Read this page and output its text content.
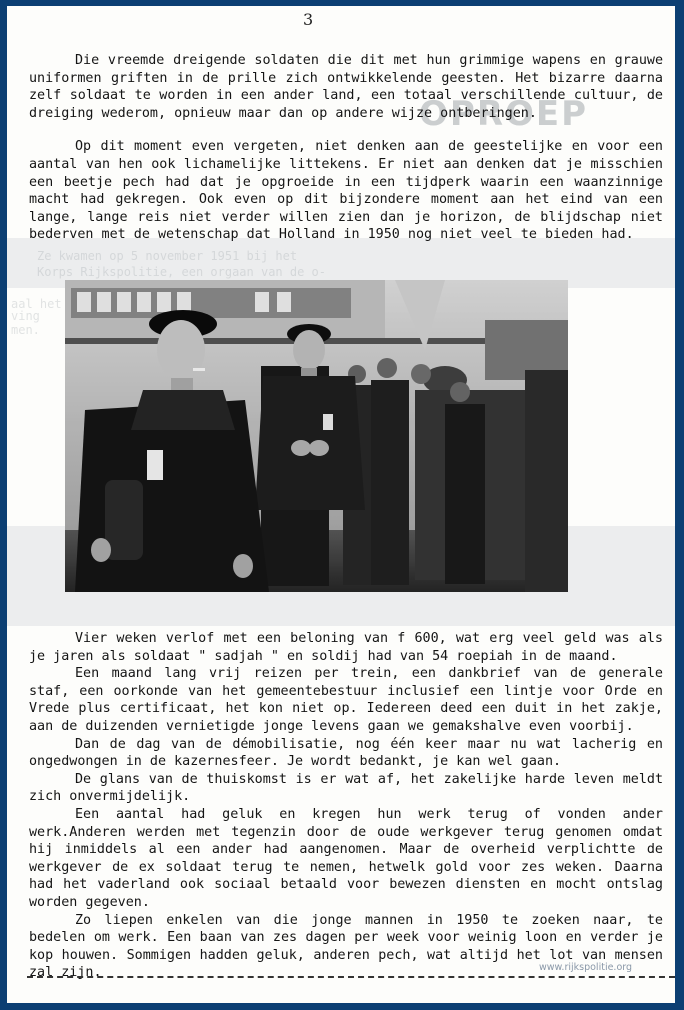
OPROEP
Ze kwamen op 5 november 1951 bij het
Korps Rijkspolitie, een orgaan van de o-
aal het
ving
men.
3

Die vreemde dreigende soldaten die dit met hun grimmige wapens en grauwe uniformen griften in de prille zich ontwikkelende geesten. Het bizarre daarna zelf soldaat te worden in een ander land, een totaal verschillende cultuur, de dreiging wederom, opnieuw maar dan op andere wijze ontberingen.

Op dit moment even vergeten, niet denken aan de geestelijke en voor een aantal van hen ook lichamelijke littekens. Er niet aan denken dat je misschien een beetje pech had dat je opgroeide in een tijdperk waarin een waanzinnige macht had gekregen. Ook even op dit bijzondere moment aan het eind van een lange, lange reis niet verder willen zien dan je horizon, de blijdschap niet bederven met de wetenschap dat Holland in 1950 nog niet veel te bieden had.

Vier weken verlof met een beloning van f 600, wat erg veel geld was als je jaren als soldaat " sadjah " en soldij had van 54 roepiah in de maand.

Een maand lang vrij reizen per trein, een dankbrief van de generale staf, een oorkonde van het gemeentebestuur inclusief een lintje voor Orde en Vrede plus certificaat, het kon niet op. Iedereen deed een duit in het zakje, aan de duizenden vernietigde jonge levens gaan we gemakshalve even voorbij.

Dan de dag van de démobilisatie, nog één keer maar nu wat lacherig en ongedwongen in de kazernesfeer. Je wordt bedankt, je kan wel gaan.

De glans van de thuiskomst is er wat af, het zakelijke harde leven meldt zich onvermijdelijk.

Een aantal had geluk en kregen hun werk terug of vonden ander werk.Anderen werden met tegenzin door de oude werkgever terug genomen omdat hij inmiddels al een ander had aangenomen. Maar de overheid verplichtte de werkgever de ex soldaat terug te nemen, hetwelk gold voor zes weken. Daarna had het vaderland ook sociaal betaald voor bewezen diensten en mocht ontslag worden gegeven.

Zo liepen enkelen van die jonge mannen in 1950 te zoeken naar, te bedelen om werk. Een baan van zes dagen per week voor weinig loon en verder je kop houwen. Sommigen hadden geluk, anderen pech, wat altijd het lot van mensen zal zijn.	www.rijkspolitie.org
